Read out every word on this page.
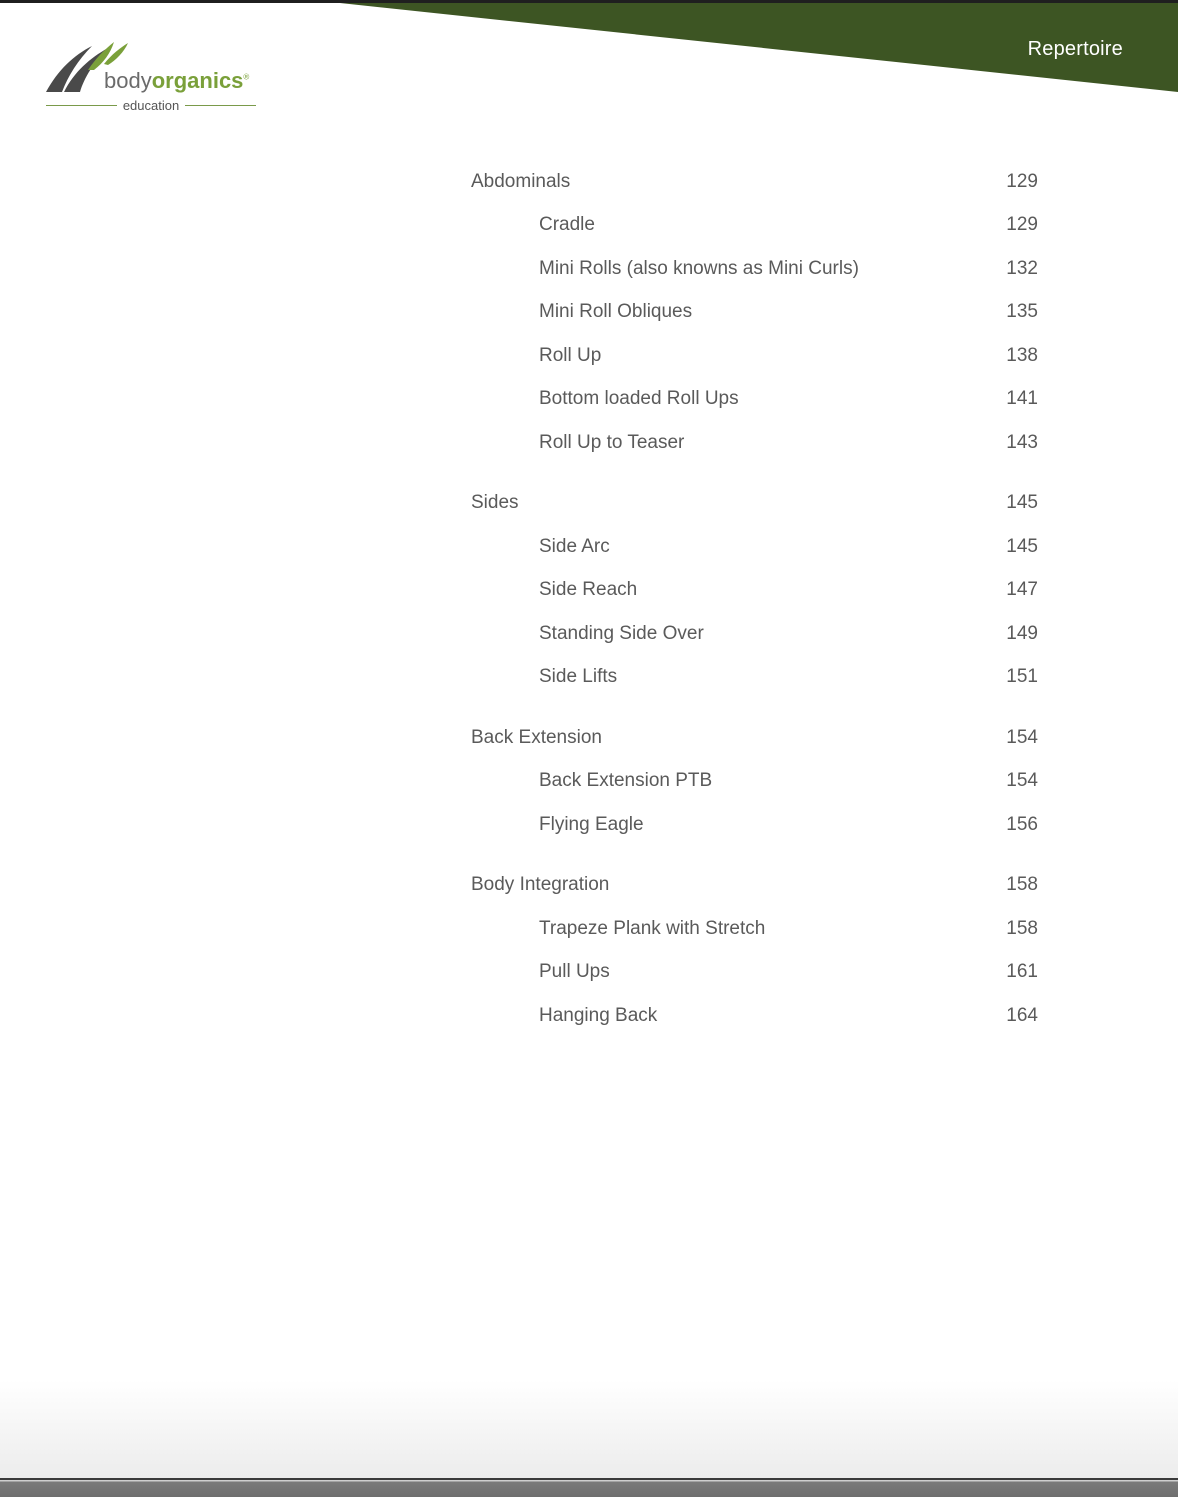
Repertoire
bodyorganics®
education
Abdominals	129
Cradle	129
Mini Rolls (also knowns as Mini Curls)	132
Mini Roll Obliques	135
Roll Up	138
Bottom loaded Roll Ups	141
Roll Up to Teaser	143
Sides	145
Side Arc	145
Side Reach	147
Standing Side Over	149
Side Lifts	151
Back Extension	154
Back Extension PTB	154
Flying Eagle	156
Body Integration	158
Trapeze Plank with Stretch	158
Pull Ups	161
Hanging Back	164
